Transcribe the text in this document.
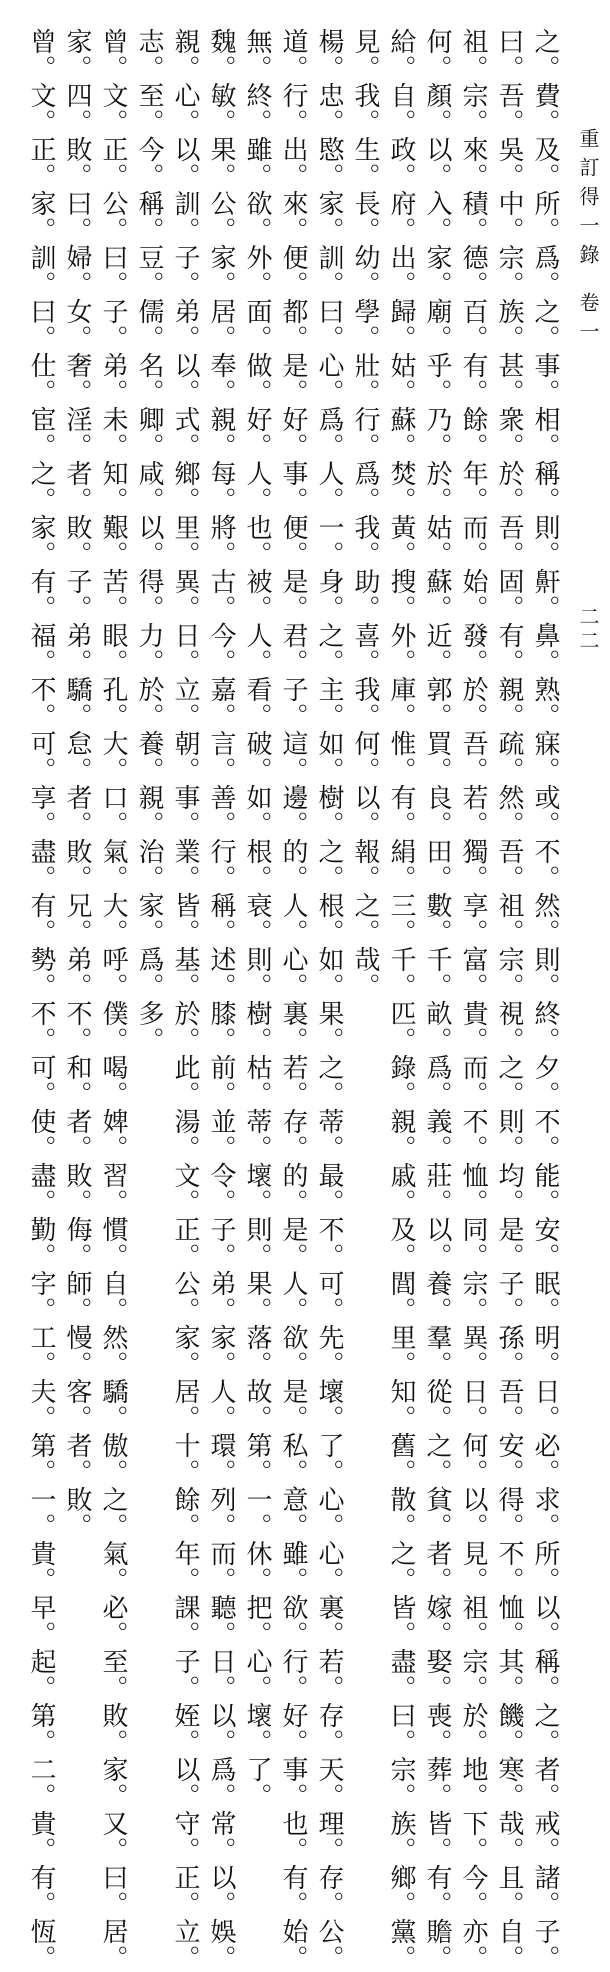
重訂得一錄
卷一
二二
之。費。及。所。爲。之。事。相。稱。則。鼾。鼻。熟。寐。或。不。然。則。終。夕。不。能。安。眠。明。日。必。求。所。以。稱。之。者。戒。諸。子。
曰。吾。吳。中。宗。族。甚。衆。於。吾。固。有。親。疏。然。吾。祖。宗。視。之。則。均。是。子。孫。吾。安。得。不。恤。其。饑。寒。哉。且。自。
祖。宗。來。積。德。百。有。餘。年。而。始。發。於。吾。若。獨。享。富。貴。而。不。恤。同。宗。異。日。何。以。見。祖。宗。於。地。下。今。亦。
何。顏。以。入。家。廟。乎。乃。於。姑。蘇。近。郭。買。良。田。數。千。畝。爲。義。莊。以。養。羣。從。之。貧。者。嫁。娶。喪。葬。皆。有。贍。
給。自。政。府。出。歸。姑。蘇。焚。黃。搜。外。庫。惟。有。絹。三。千。匹。錄。親。戚。及。閭。里。知。舊。散。之。皆。盡。曰。宗。族。鄉。黨。
見。我。生。長。幼。學。壯。行。爲。我。助。喜。我。何。以。報。之。哉。
楊。忠。愍。家。訓。曰。心。爲。人。一。身。之。主。如。樹。之。根。如。果。之。蒂。最。不。可。先。壞。了。心。心。裏。若。存。天。理。存。公。
道。行。出。來。便。都。是。好。事。便。是。君。子。這。邊。的。人。心。裏。若。存。的。是。人。欲。是。私。意。雖。欲。行。好。事。也。有。始。
無。終。雖。欲。外。面。做。好。人。也。被。人。看。破。如。根。衰。則。樹。枯。蒂。壞。則。果。落。故。第。一。休。把。心。壞。了。
魏。敏。果。公。家。居。奉。親。每。將。古。今。嘉。言。善。行。稱。述。膝。前。並。令。子。弟。家。人。環。列。而。聽。日。以。爲。常。以。娛。
親。心。以。訓。子。弟。以。式。鄉。里。異。日。立。朝。事。業。皆。基。於。此。湯。文。正。公。家。居。十。餘。年。課。子。姪。以。守。正。立。
志。至。今。稱。豆。儒。名。卿。咸。以。得。力。於。養。親。治。家。爲。多。
曾。文。正。公。曰。子。弟。未。知。艱。苦。眼。孔。大。口。氣。大。呼。僕。喝。婢。習。慣。自。然。驕。傲。之。氣。必。至。敗。家。又。曰。居。
家。四。敗。曰。婦。女。奢。淫。者。敗。子。弟。驕。怠。者。敗。兄。弟。不。和。者。敗。侮。師。慢。客。者。敗。
曾。文。正。家。訓。曰。仕。宦。之。家。有。福。不。可。享。盡。有。勢。不。可。使。盡。勤。字。工。夫。第。一。貴。早。起。第。二。貴。有。恆。
